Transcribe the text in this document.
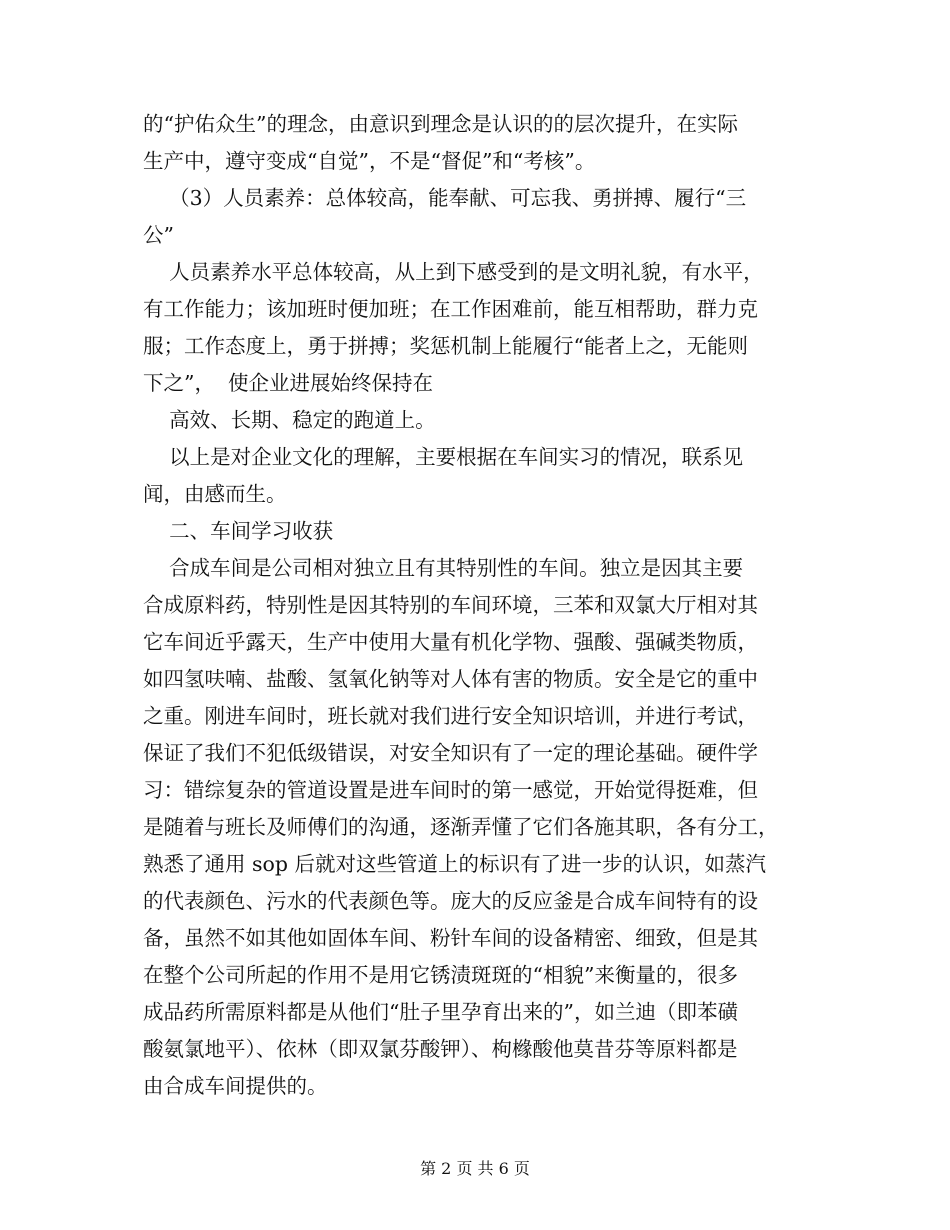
的“护佑众生”的理念，由意识到理念是认识的的层次提升，在实际
生产中，遵守变成“自觉”，不是“督促”和“考核”。
（3）人员素养：总体较高，能奉献、可忘我、勇拼搏、履行“三
公”
人员素养水平总体较高，从上到下感受到的是文明礼貌，有水平，
有工作能力；该加班时便加班；在工作困难前，能互相帮助，群力克
服；工作态度上，勇于拼搏；奖惩机制上能履行“能者上之，无能则
下之”，  使企业进展始终保持在
高效、长期、稳定的跑道上。
以上是对企业文化的理解，主要根据在车间实习的情况，联系见
闻，由感而生。
二、车间学习收获
合成车间是公司相对独立且有其特别性的车间。独立是因其主要
合成原料药，特别性是因其特别的车间环境，三苯和双氯大厅相对其
它车间近乎露天，生产中使用大量有机化学物、强酸、强碱类物质，
如四氢呋喃、盐酸、氢氧化钠等对人体有害的物质。安全是它的重中
之重。刚进车间时，班长就对我们进行安全知识培训，并进行考试，
保证了我们不犯低级错误，对安全知识有了一定的理论基础。硬件学
习：错综复杂的管道设置是进车间时的第一感觉，开始觉得挺难，但
是随着与班长及师傅们的沟通，逐渐弄懂了它们各施其职，各有分工，
熟悉了通用 sop 后就对这些管道上的标识有了进一步的认识，如蒸汽
的代表颜色、污水的代表颜色等。庞大的反应釜是合成车间特有的设
备，虽然不如其他如固体车间、粉针车间的设备精密、细致，但是其
在整个公司所起的作用不是用它锈渍斑斑的“相貌”来衡量的，很多
成品药所需原料都是从他们“肚子里孕育出来的”，如兰迪（即苯磺
酸氨氯地平）、依林（即双氯芬酸钾）、枸橼酸他莫昔芬等原料都是
由合成车间提供的。
第 2 页 共 6 页
